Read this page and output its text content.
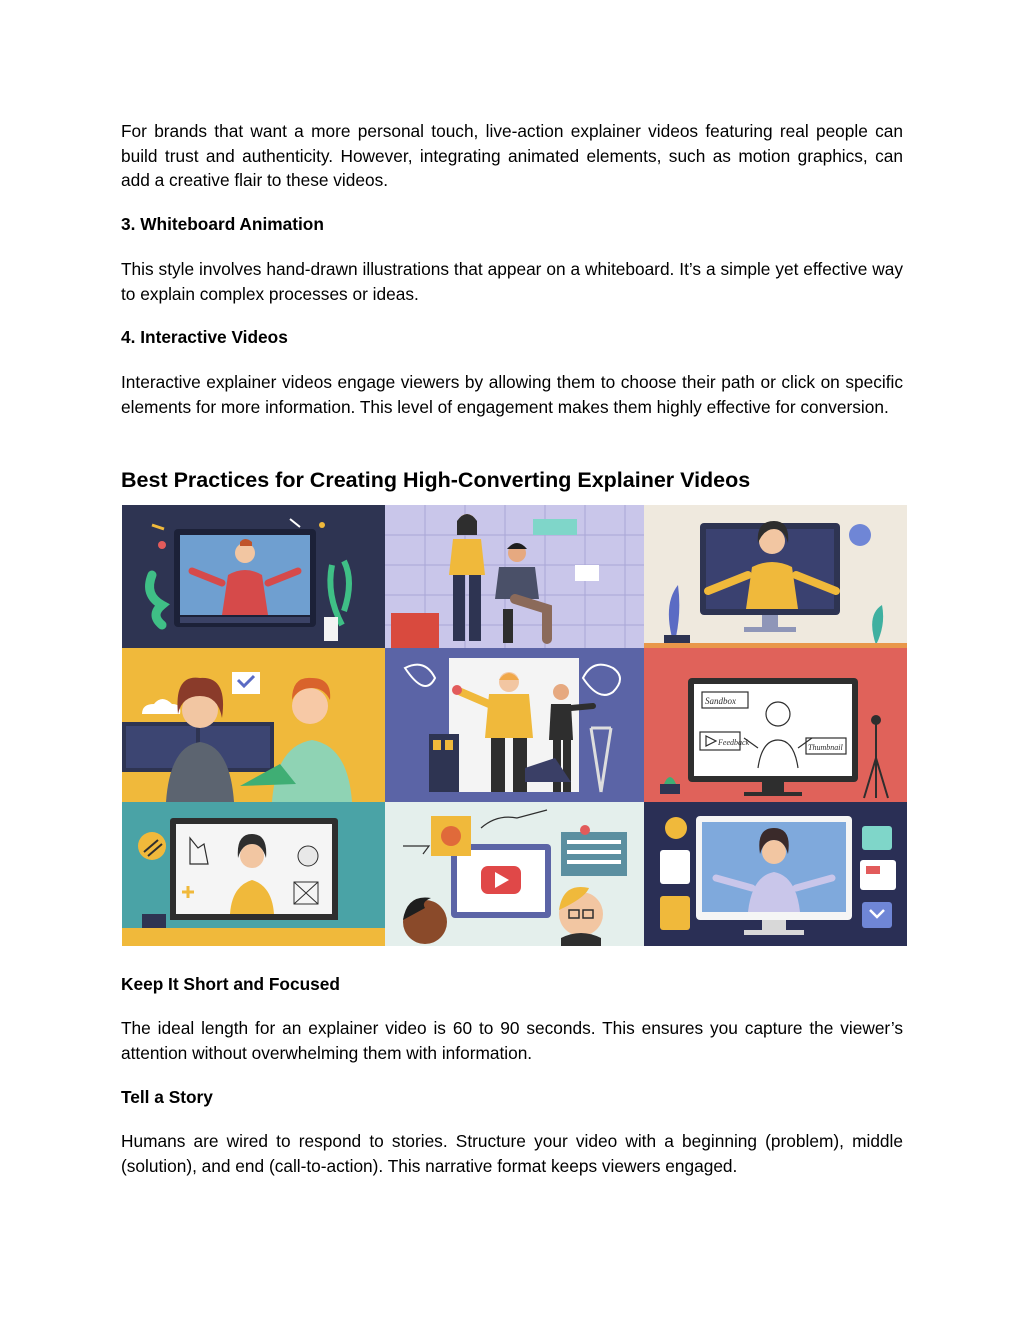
For brands that want a more personal touch, live-action explainer videos featuring real people can build trust and authenticity. However, integrating animated elements, such as motion graphics, can add a creative flair to these videos.

3. Whiteboard Animation

This style involves hand-drawn illustrations that appear on a whiteboard. It’s a simple yet effective way to explain complex processes or ideas.

4. Interactive Videos

Interactive explainer videos engage viewers by allowing them to choose their path or click on specific elements for more information. This level of engagement makes them highly effective for conversion.

Best Practices for Creating High-Converting Explainer Videos
Sandbox
Feedback
Thumbnail
Keep It Short and Focused

The ideal length for an explainer video is 60 to 90 seconds. This ensures you capture the viewer’s attention without overwhelming them with information.

Tell a Story

Humans are wired to respond to stories. Structure your video with a beginning (problem), middle (solution), and end (call-to-action). This narrative format keeps viewers engaged.
